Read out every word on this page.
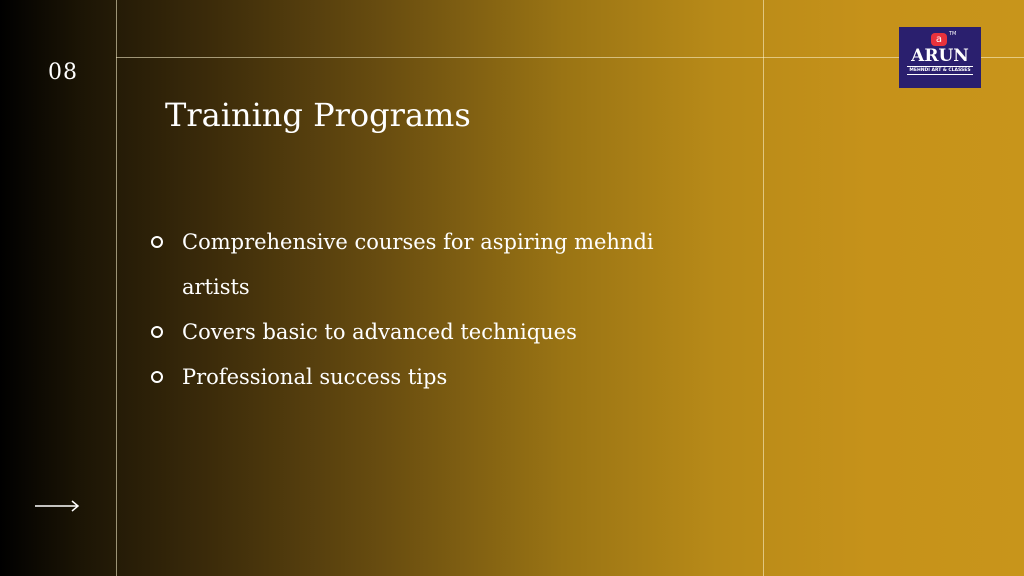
08
Training Programs
Comprehensive courses for aspiring mehndi artists
Covers basic to advanced techniques
Professional success tips
a	TM
ARUN
MEHNDI ART & CLASSES
